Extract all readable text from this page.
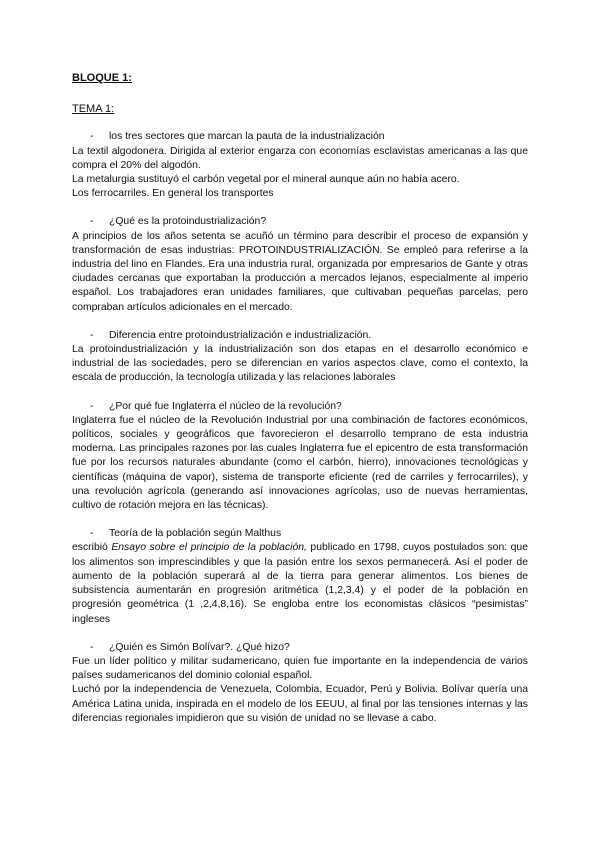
BLOQUE 1:
TEMA 1:
-	los tres sectores que marcan la pauta de la industrialización

La textil algodonera. Dirigida al exterior engarza con economías esclavistas americanas a las que compra el 20% del algodón.

La metalurgia sustituyó el carbón vegetal por el mineral aunque aún no había acero.

Los ferrocarriles. En general los transportes

-	¿Qué es la protoindustrialización?

A principios de los años setenta se acuñó un término para describir el proceso de expansión y transformación de esas industrias: PROTOINDUSTRIALIZACIÓN. Se empleó para referirse a la industria del lino en Flandes. Era una industria rural, organizada por empresarios de Gante y otras ciudades cercanas que exportaban la producción a mercados lejanos, especialmente al imperio español. Los trabajadores eran unidades familiares, que cultivaban pequeñas parcelas, pero compraban artículos adicionales en el mercado.

-	Diferencia entre protoindustrialización e industrialización.

La protoindustrialización y la industrialización son dos etapas en el desarrollo económico e industrial de las sociedades, pero se diferencian en varios aspectos clave, como el contexto, la escala de producción, la tecnología utilizada y las relaciones laborales

-	¿Por qué fue Inglaterra el núcleo de la revolución?

Inglaterra fue el núcleo de la Revolución Industrial por una combinación de factores económicos, políticos, sociales y geográficos que favorecieron el desarrollo temprano de esta industria moderna. Las principales razones por las cuales Inglaterra fue el epicentro de esta transformación fue por los recursos naturales abundante (como el carbón, hierro), innovaciones tecnológicas y científicas (máquina de vapor), sistema de transporte eficiente (red de carriles y ferrocarriles), y una revolución agrícola (generando así innovaciones agrícolas, uso de nuevas herramientas, cultivo de rotación mejora en las técnicas).

-	Teoría de la población según Malthus

escribió Ensayo sobre el principio de la población, publicado en 1798, cuyos postulados son: que los alimentos son imprescindibles y que la pasión entre los sexos permanecerá. Así el poder de aumento de la población superará al de la tierra para generar alimentos. Los bienes de subsistencia aumentarán en progresión aritmética (1,2,3,4) y el poder de la población en progresión geométrica (1 ,2,4,8,16). Se engloba entre los economistas clásicos “pesimistas” ingleses

-	¿Quién es Simón Bolívar?. ¿Qué hizo?

Fue un líder político y militar sudamericano, quien fue importante en la independencia de varios países sudamericanos del dominio colonial español.

Luchó por la independencia de Venezuela, Colombia, Ecuador, Perú y Bolivia. Bolívar quería una América Latina unida, inspirada en el modelo de los EEUU, al final por las tensiones internas y las diferencias regionales impidieron que su visión de unidad no se llevase a cabo.
